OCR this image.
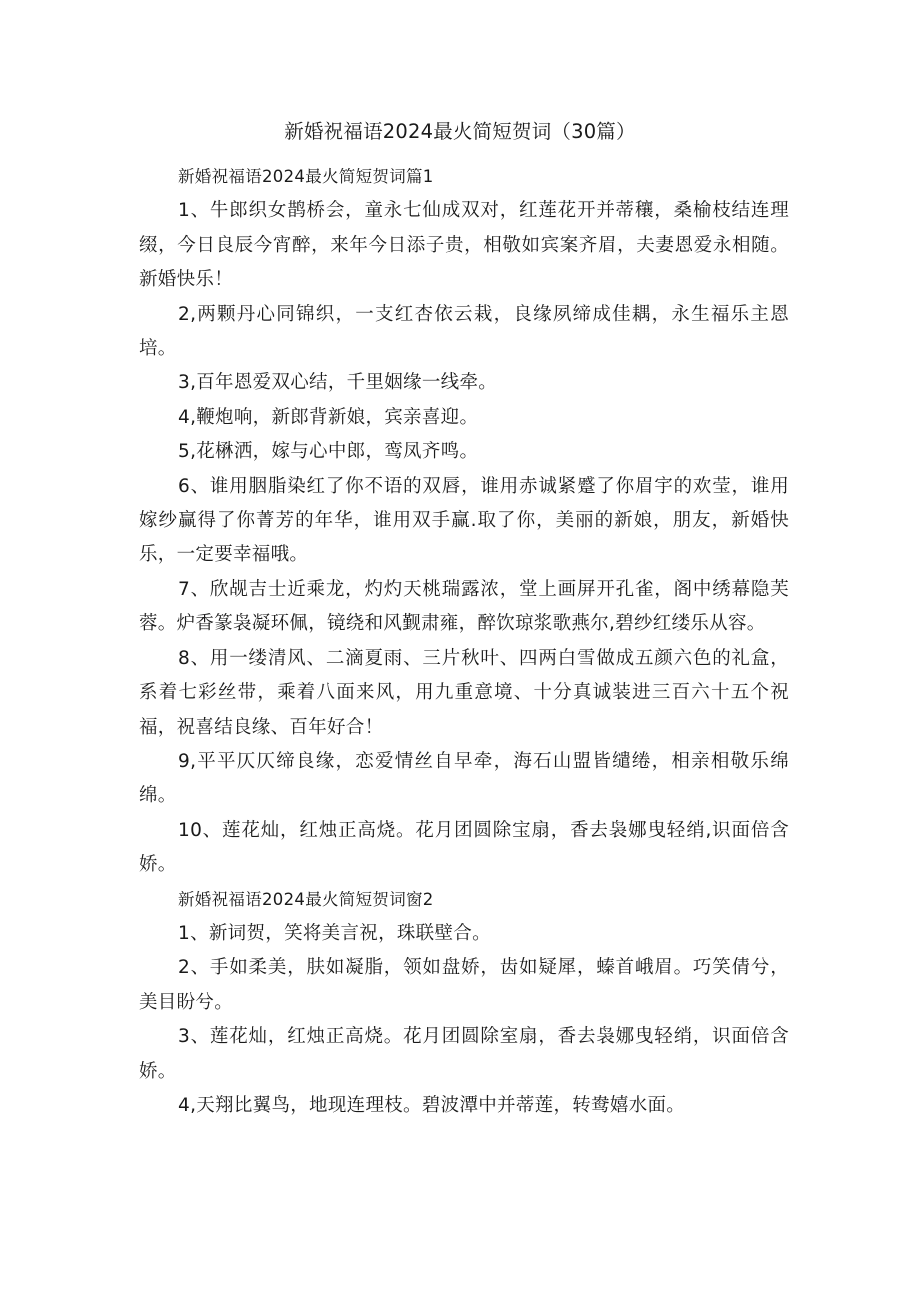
新婚祝福语2024最火简短贺词（30篇）

新婚祝福语2024最火简短贺词篇1

1、牛郎织女鹊桥会，童永七仙成双对，红莲花开并蒂穰，桑榆枝结连理缀，今日良辰今宵醉，来年今日添子贵，相敬如宾案齐眉，夫妻恩爱永相随。新婚快乐！

2,两颗丹心同锦织，一支红杏依云栽，良缘夙缔成佳耦，永生福乐主恩培。

3,百年恩爱双心结，千里姻缘一线牵。

4,鞭炮响，新郎背新娘，宾亲喜迎。

5,花楙洒，嫁与心中郎，鸾凤齐鸣。

6、谁用胭脂染红了你不语的双唇，谁用赤诚紧蹙了你眉宇的欢莹，谁用嫁纱赢得了你菁芳的年华，谁用双手赢.取了你，美丽的新娘，朋友，新婚快乐，一定要幸福哦。

7、欣觇吉士近乘龙，灼灼天桃瑞露浓，堂上画屏开孔雀，阁中绣幕隐芙蓉。炉香篆袅凝环佩，镜绕和风觐肃雍，醉饮琼浆歌燕尔,碧纱红缕乐从容。

8、用一缕清风、二滴夏雨、三片秋叶、四两白雪做成五颜六色的礼盒，系着七彩丝带，乘着八面来风，用九重意境、十分真诚装进三百六十五个祝福，祝喜结良缘、百年好合！

9,平平仄仄缔良缘，恋爱情丝自早牵，海石山盟皆缱绻，相亲相敬乐绵绵。

10、莲花灿，红烛正高烧。花月团圆除宝扇，香去袅娜曳轻绡,识面倍含娇。

新婚祝福语2024最火简短贺词窗2

1、新词贺，笑将美言祝，珠联壁合。

2、手如柔美，肤如凝脂，领如盘娇，齿如疑犀，螓首峨眉。巧笑倩兮，美目盼兮。

3、莲花灿，红烛正高烧。花月团圆除室扇，香去袅娜曳轻绡，识面倍含娇。

4,天翔比翼鸟，地现连理枝。碧波潭中并蒂莲，转鸯嬉水面。
